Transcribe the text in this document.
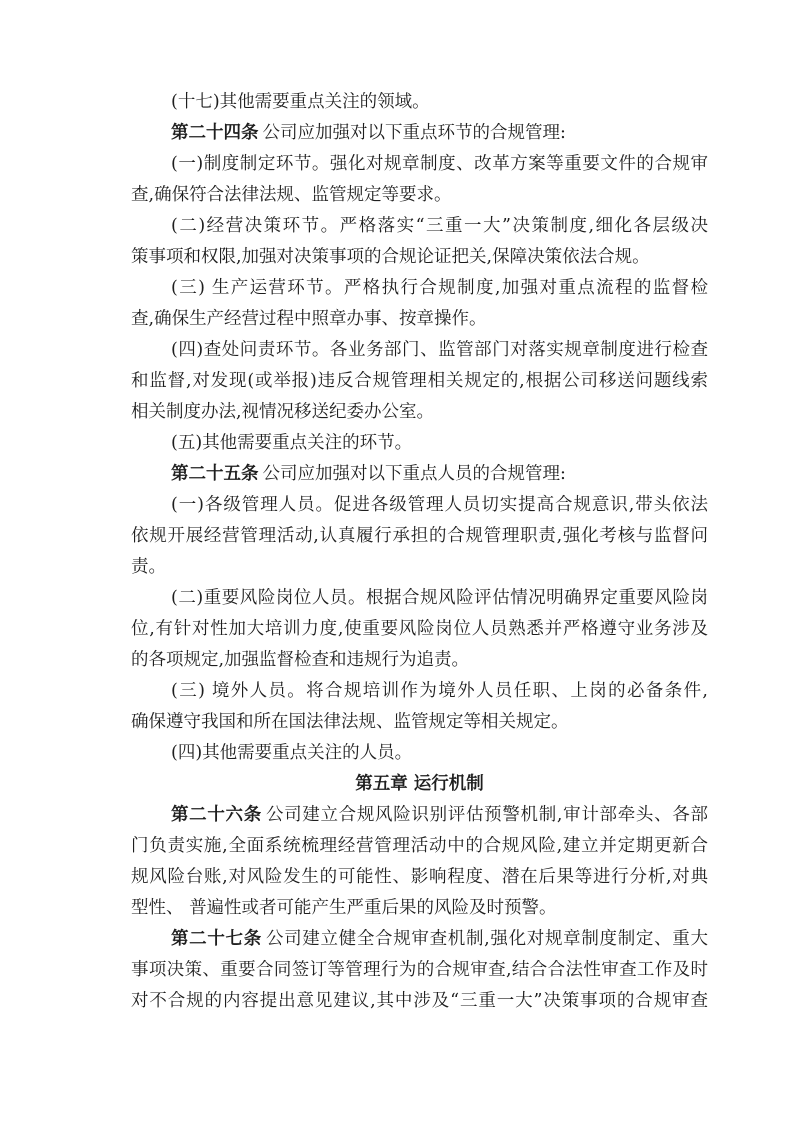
(十七)其他需要重点关注的领域。
第二十四条 公司应加强对以下重点环节的合规管理:
(一)制度制定环节。强化对规章制度、改革方案等重要文件的合规审
查,确保符合法律法规、监管规定等要求。
(二)经营决策环节。严格落实“三重一大”决策制度,细化各层级决
策事项和权限,加强对决策事项的合规论证把关,保障决策依法合规。
(三) 生产运营环节。严格执行合规制度,加强对重点流程的监督检
查,确保生产经营过程中照章办事、按章操作。
(四)查处问责环节。各业务部门、监管部门对落实规章制度进行检查
和监督,对发现(或举报)违反合规管理相关规定的,根据公司移送问题线索
相关制度办法,视情况移送纪委办公室。
(五)其他需要重点关注的环节。
第二十五条 公司应加强对以下重点人员的合规管理:
(一)各级管理人员。促进各级管理人员切实提高合规意识,带头依法
依规开展经营管理活动,认真履行承担的合规管理职责,强化考核与监督问
责。
(二)重要风险岗位人员。根据合规风险评估情况明确界定重要风险岗
位,有针对性加大培训力度,使重要风险岗位人员熟悉并严格遵守业务涉及
的各项规定,加强监督检查和违规行为追责。
(三) 境外人员。将合规培训作为境外人员任职、上岗的必备条件,
确保遵守我国和所在国法律法规、监管规定等相关规定。
(四)其他需要重点关注的人员。
第五章 运行机制
第二十六条 公司建立合规风险识别评估预警机制,审计部牵头、各部
门负责实施,全面系统梳理经营管理活动中的合规风险,建立并定期更新合
规风险台账,对风险发生的可能性、影响程度、潜在后果等进行分析,对典
型性、 普遍性或者可能产生严重后果的风险及时预警。
第二十七条 公司建立健全合规审查机制,强化对规章制度制定、重大
事项决策、重要合同签订等管理行为的合规审查,结合合法性审查工作及时
对不合规的内容提出意见建议,其中涉及“三重一大”决策事项的合规审查
